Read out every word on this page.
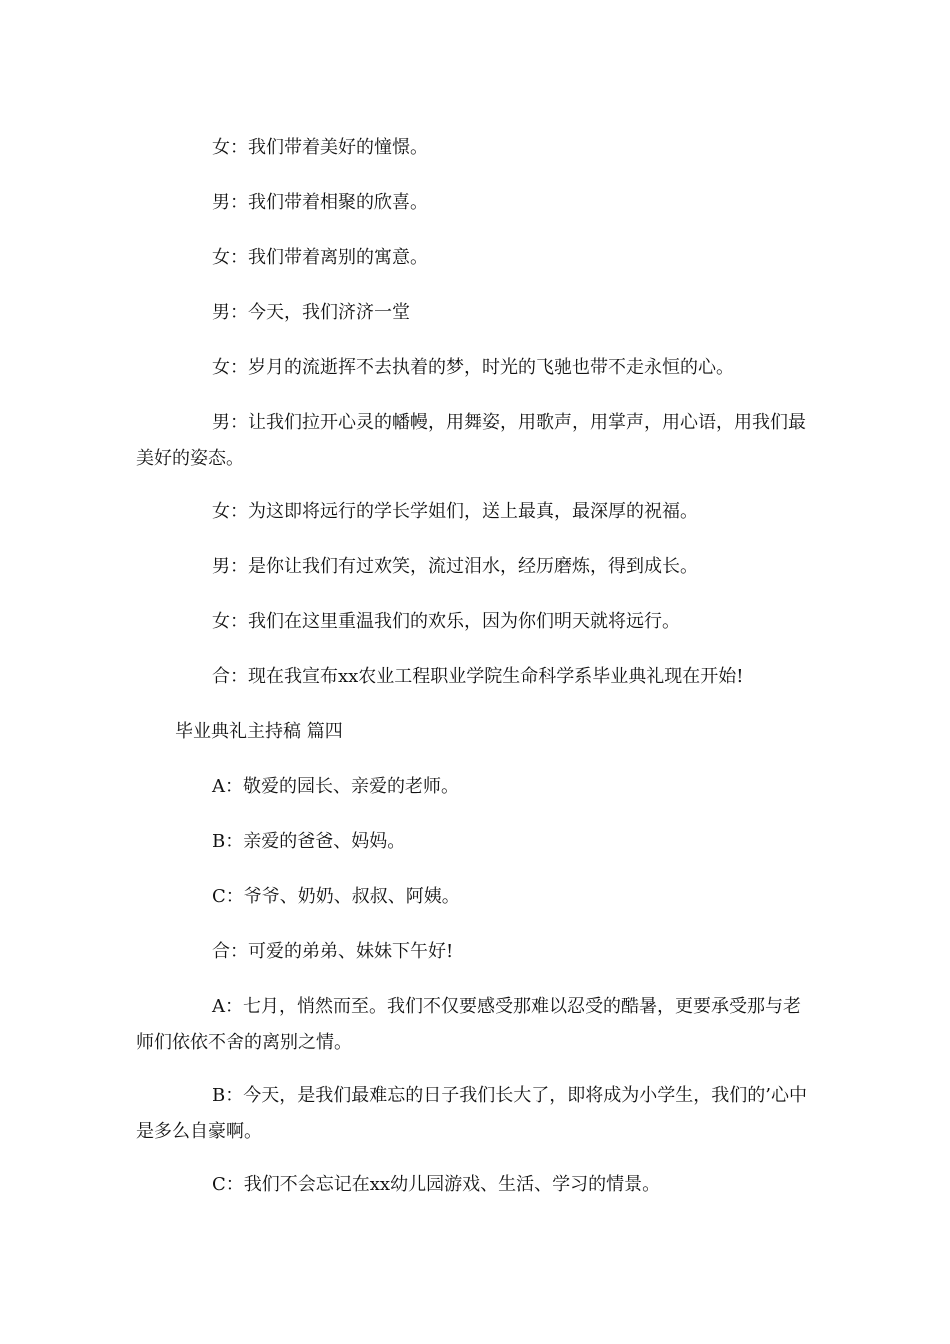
女：我们带着美好的憧憬。
男：我们带着相聚的欣喜。
女：我们带着离别的寓意。
男：今天，我们济济一堂
女：岁月的流逝挥不去执着的梦，时光的飞驰也带不走永恒的心。
男：让我们拉开心灵的幡幔，用舞姿，用歌声，用掌声，用心语，用我们最美好的姿态。
女：为这即将远行的学长学姐们，送上最真，最深厚的祝福。
男：是你让我们有过欢笑，流过泪水，经历磨炼，得到成长。
女：我们在这里重温我们的欢乐，因为你们明天就将远行。
合：现在我宣布xx农业工程职业学院生命科学系毕业典礼现在开始!
毕业典礼主持稿 篇四
A：敬爱的园长、亲爱的老师。
B：亲爱的爸爸、妈妈。
C：爷爷、奶奶、叔叔、阿姨。
合：可爱的弟弟、妹妹下午好!
A：七月，悄然而至。我们不仅要感受那难以忍受的酷暑，更要承受那与老师们依依不舍的离别之情。
B：今天，是我们最难忘的日子我们长大了，即将成为小学生，我们的’心中是多么自豪啊。
C：我们不会忘记在xx幼儿园游戏、生活、学习的情景。
